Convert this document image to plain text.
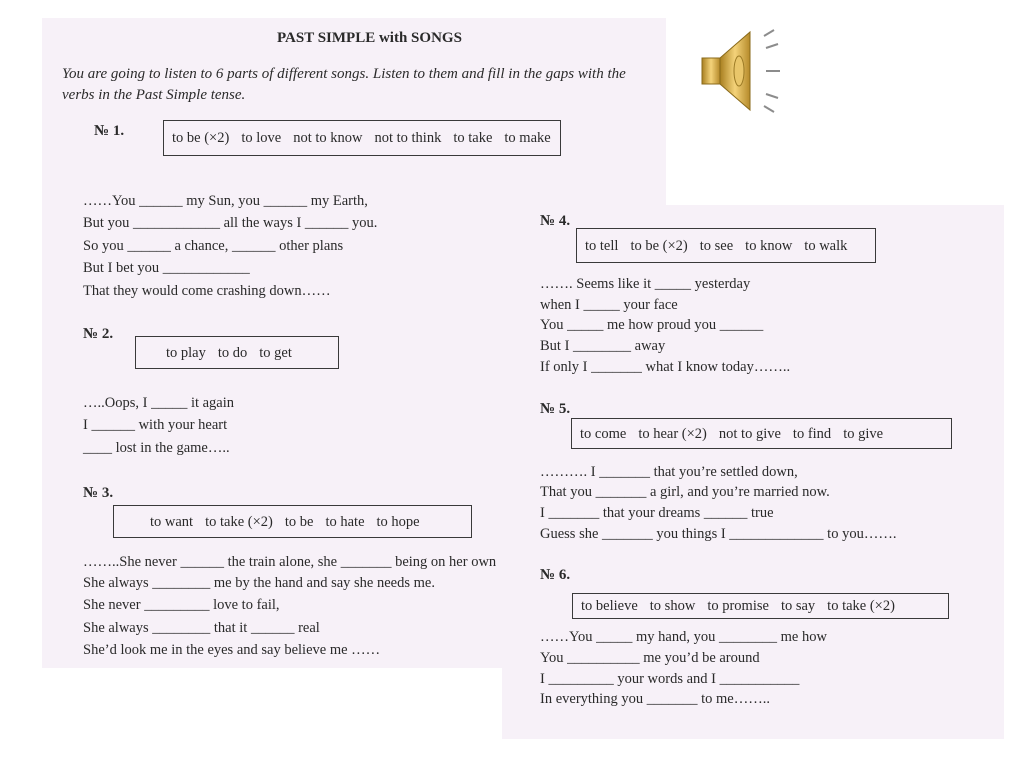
PAST SIMPLE with SONGS
You are going to listen to 6 parts of different songs. Listen to them and fill in the gaps with the verbs in the Past Simple tense.
№ 1.	to be (×2) to love not to know not to think to take to make
……You ______ my Sun, you ______ my Earth,
But you ____________ all the ways I ______ you.
So you ______ a chance, ______ other plans
But I bet you ____________
That they would come crashing down……
№ 2.
to play to do to get
…..Oops, I _____ it again
I ______ with your heart
____ lost in the game…..
№ 3.
to want to take (×2) to be to hate to hope
……..She never ______ the train alone, she _______ being on her own
She always ________ me by the hand and say she needs me.
She never _________ love to fail,
She always ________ that it ______ real
She’d look me in the eyes and say believe me ……
№ 4.
to tell to be (×2) to see to know to walk
……. Seems like it _____ yesterday
when I _____ your face
You _____ me how proud you ______
But I ________ away
If only I _______ what I know today……..
№ 5.
to come to hear (×2) not to give to find to give
………. I _______ that you’re settled down,
That you _______ a girl, and you’re married now.
I _______ that your dreams ______ true
Guess she _______ you things I _____________ to you…….
№ 6.
to believe to show to promise to say to take (×2)
……You _____ my hand, you ________ me how
You __________ me you’d be around
I _________ your words and I ___________
In everything you _______ to me……..
